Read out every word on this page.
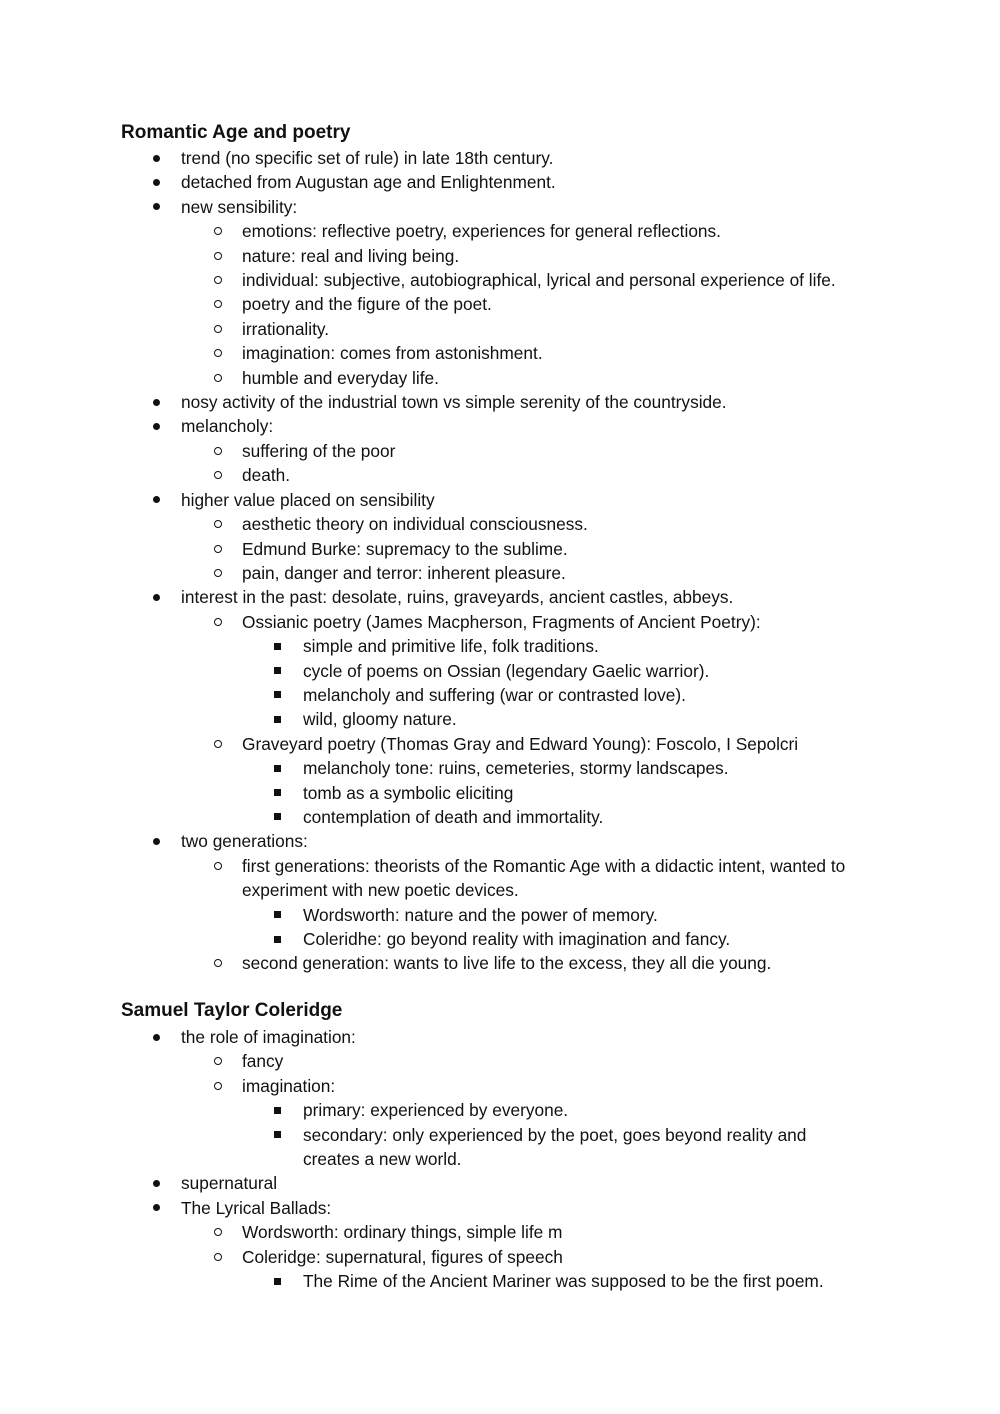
Romantic Age and poetry
trend (no specific set of rule) in late 18th century.
detached from Augustan age and Enlightenment.
new sensibility:
emotions: reflective poetry, experiences for general reflections.
nature: real and living being.
individual: subjective, autobiographical, lyrical and personal experience of life.
poetry and the figure of the poet.
irrationality.
imagination: comes from astonishment.
humble and everyday life.
nosy activity of the industrial town vs simple serenity of the countryside.
melancholy:
suffering of the poor
death.
higher value placed on sensibility
aesthetic theory on individual consciousness.
Edmund Burke: supremacy to the sublime.
pain, danger and terror: inherent pleasure.
interest in the past: desolate, ruins, graveyards, ancient castles, abbeys.
Ossianic poetry (James Macpherson, Fragments of Ancient Poetry):
simple and primitive life, folk traditions.
cycle of poems on Ossian (legendary Gaelic warrior).
melancholy and suffering (war or contrasted love).
wild, gloomy nature.
Graveyard poetry (Thomas Gray and Edward Young): Foscolo, I Sepolcri
melancholy tone: ruins, cemeteries, stormy landscapes.
tomb as a symbolic eliciting
contemplation of death and immortality.
two generations:
first generations: theorists of the Romantic Age with a didactic intent, wanted to experiment with new poetic devices.
Wordsworth: nature and the power of memory.
Coleridhe: go beyond reality with imagination and fancy.
second generation: wants to live life to the excess, they all die young.
Samuel Taylor Coleridge
the role of imagination:
fancy
imagination:
primary: experienced by everyone.
secondary: only experienced by the poet, goes beyond reality and creates a new world.
supernatural
The Lyrical Ballads:
Wordsworth: ordinary things, simple life m
Coleridge: supernatural, figures of speech
The Rime of the Ancient Mariner was supposed to be the first poem.
